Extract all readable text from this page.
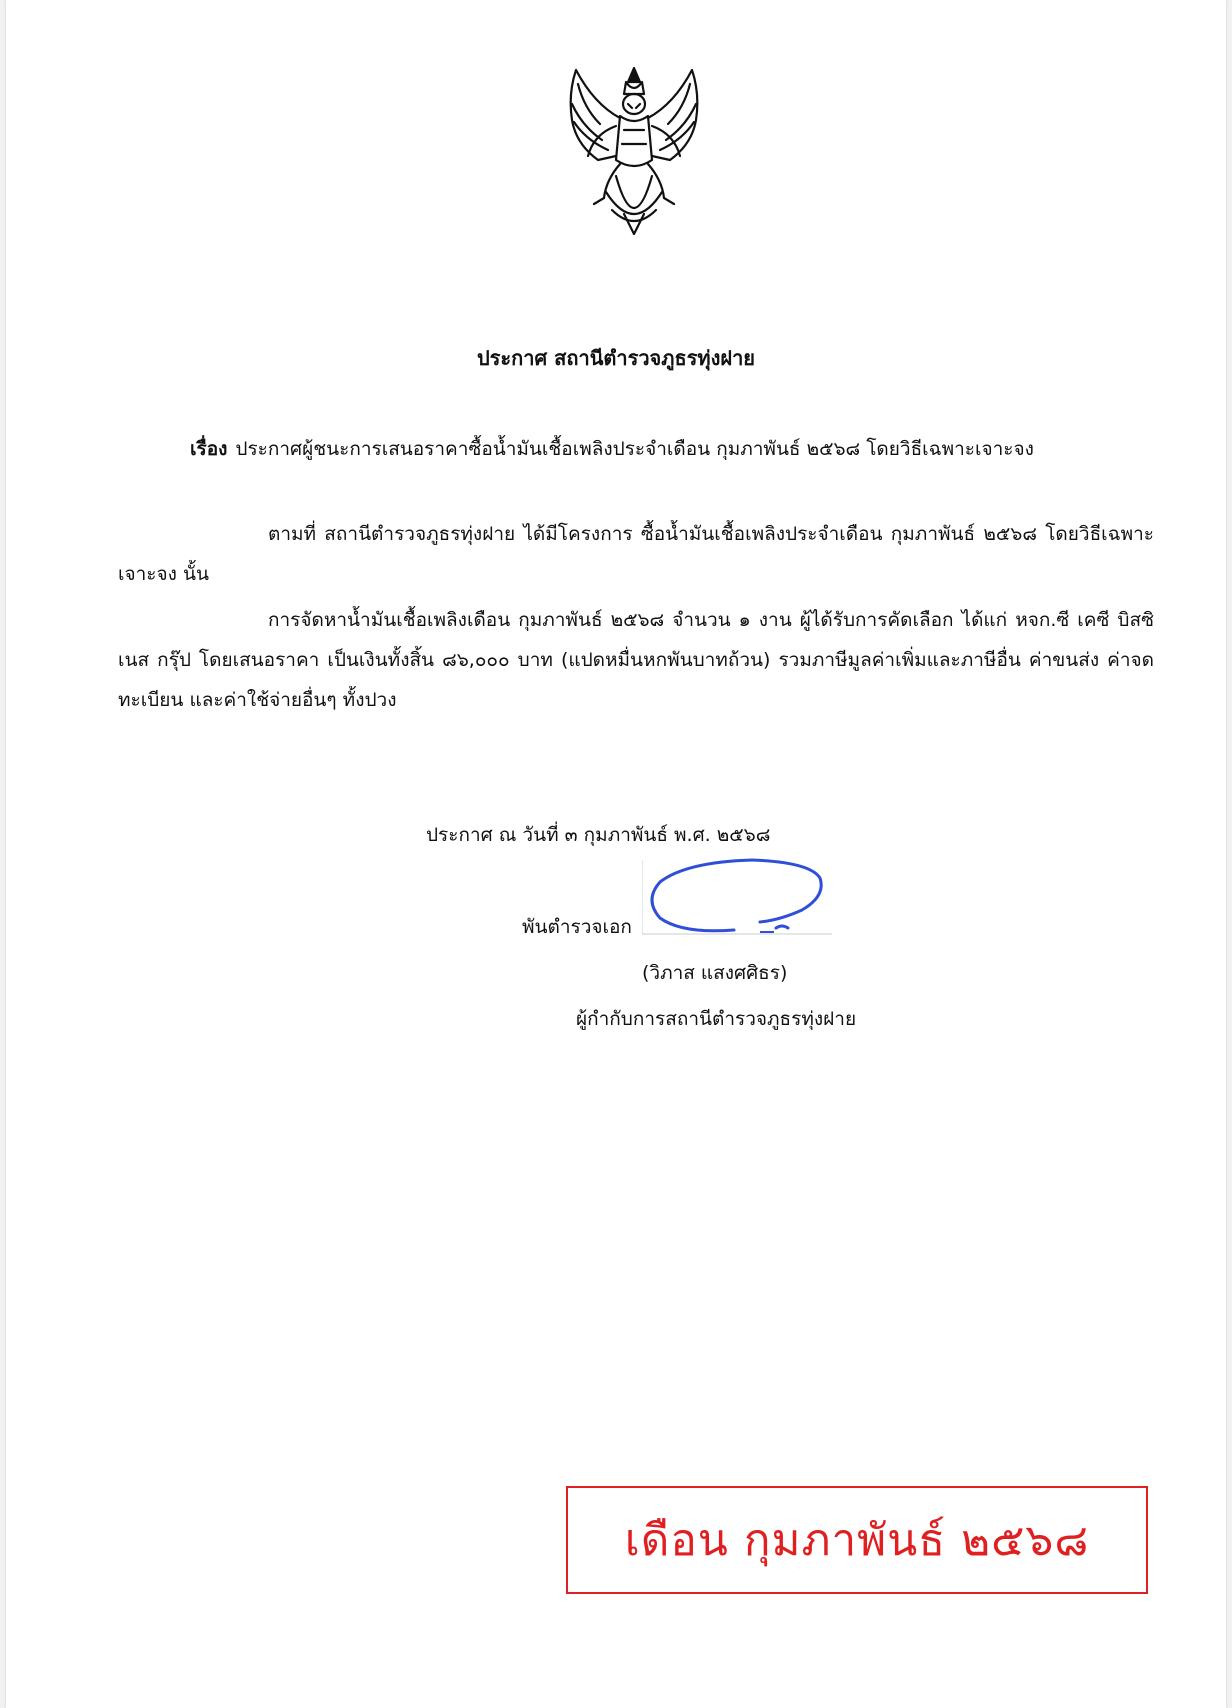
ประกาศ สถานีตำรวจภูธรทุ่งฝาย
เรื่อง ประกาศผู้ชนะการเสนอราคาซื้อน้ำมันเชื้อเพลิงประจำเดือน กุมภาพันธ์ ๒๕๖๘ โดยวิธีเฉพาะเจาะจง
ตามที่ สถานีตำรวจภูธรทุ่งฝาย ได้มีโครงการ ซื้อน้ำมันเชื้อเพลิงประจำเดือน กุมภาพันธ์ ๒๕๖๘ โดยวิธีเฉพาะเจาะจง นั้น
การจัดหาน้ำมันเชื้อเพลิงเดือน กุมภาพันธ์ ๒๕๖๘ จำนวน ๑ งาน ผู้ได้รับการคัดเลือก ได้แก่ หจก.ซี เคซี บิสซิเนส กรุ๊ป โดยเสนอราคา เป็นเงินทั้งสิ้น ๘๖,๐๐๐ บาท (แปดหมื่นหกพันบาทถ้วน) รวมภาษีมูลค่าเพิ่มและภาษีอื่น ค่าขนส่ง ค่าจดทะเบียน และค่าใช้จ่ายอื่นๆ ทั้งปวง
ประกาศ ณ วันที่ ๓ กุมภาพันธ์ พ.ศ. ๒๕๖๘
พันตำรวจเอก
(วิภาส แสงศศิธร)
ผู้กำกับการสถานีตำรวจภูธรทุ่งฝาย
เดือน กุมภาพันธ์ ๒๕๖๘
